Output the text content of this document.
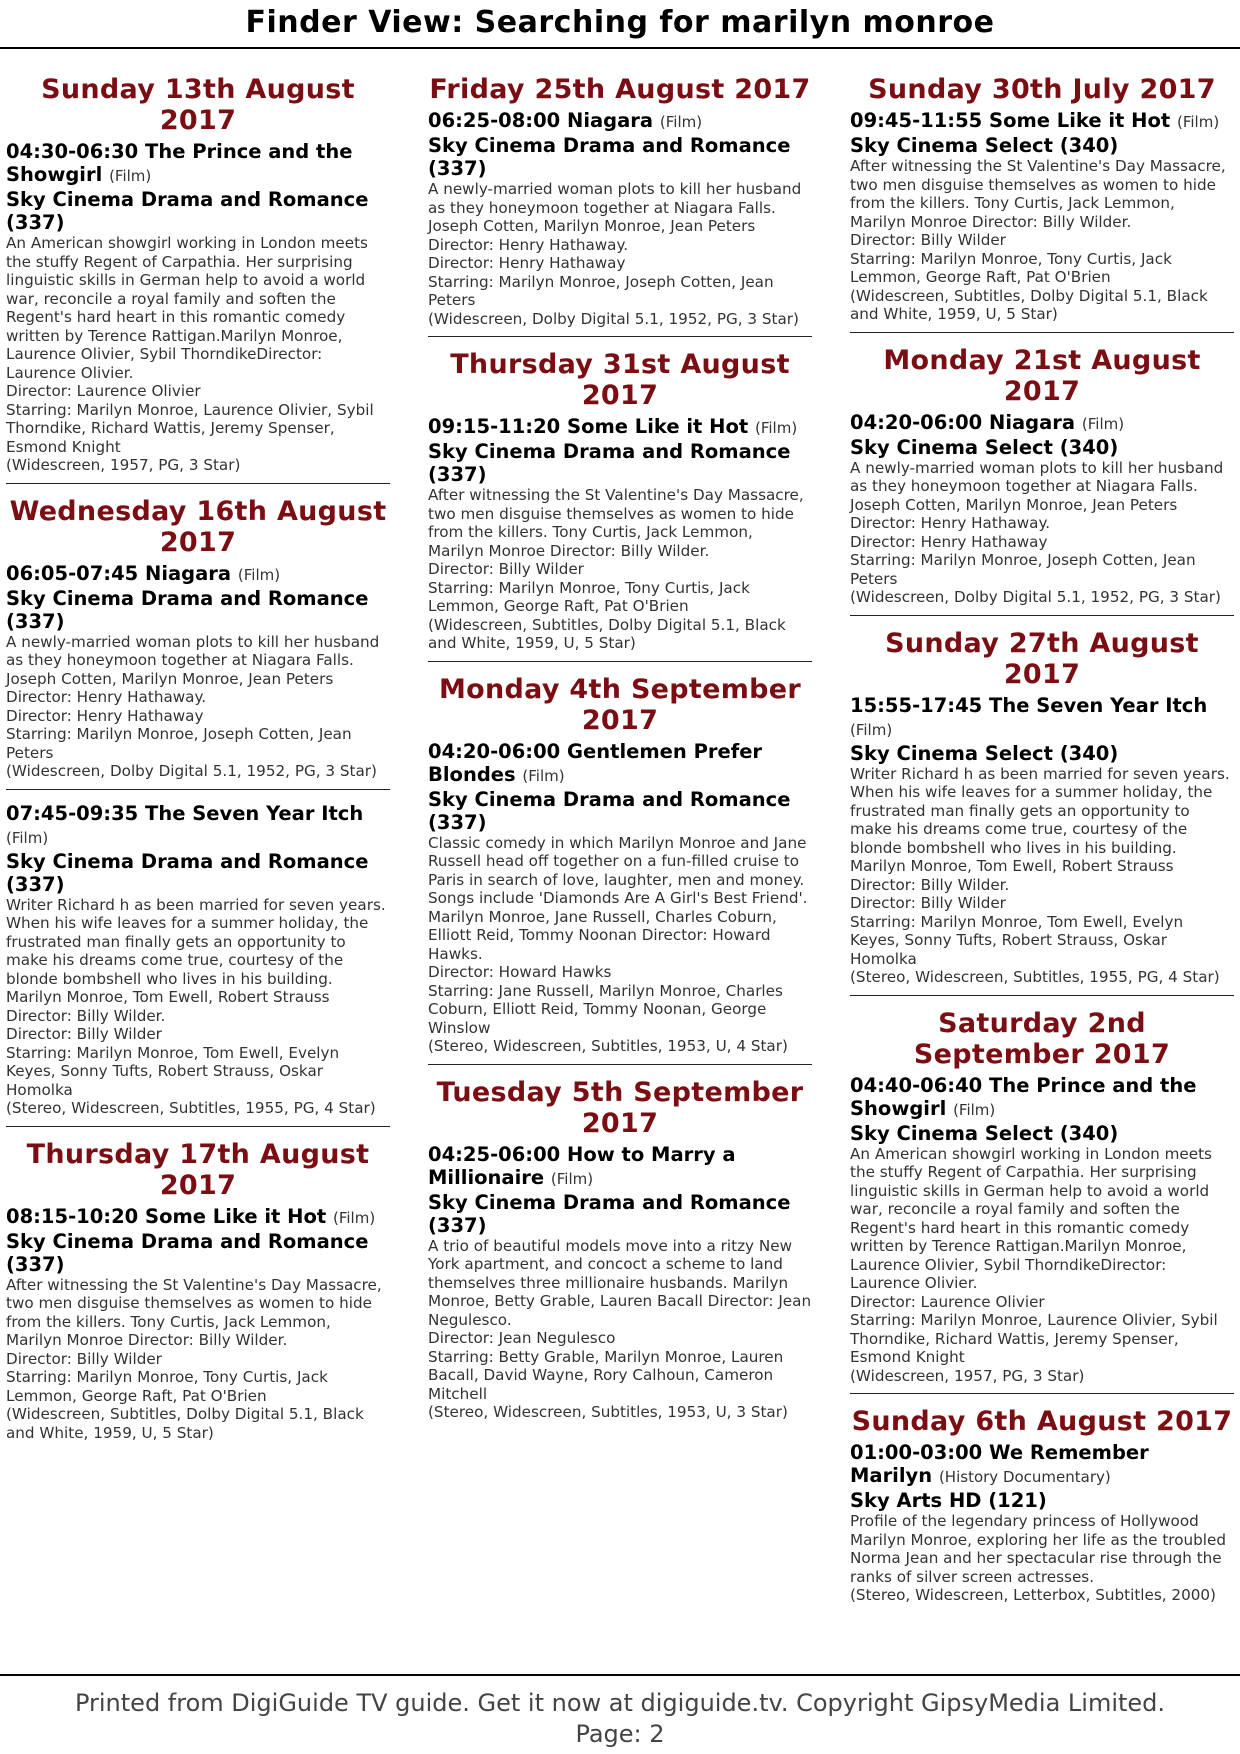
Finder View: Searching for marilyn monroe
Sunday 13th August 2017
04:30-06:30 The Prince and the Showgirl (Film)
Sky Cinema Drama and Romance (337)
An American showgirl working in London meets the stuffy Regent of Carpathia. Her surprising linguistic skills in German help to avoid a world war, reconcile a royal family and soften the Regent's hard heart in this romantic comedy written by Terence Rattigan.Marilyn Monroe, Laurence Olivier, Sybil ThorndikeDirector: Laurence Olivier.
Director: Laurence Olivier
Starring: Marilyn Monroe, Laurence Olivier, Sybil Thorndike, Richard Wattis, Jeremy Spenser, Esmond Knight
(Widescreen, 1957, PG, 3 Star)
Wednesday 16th August 2017
06:05-07:45 Niagara (Film)
Sky Cinema Drama and Romance (337)
A newly-married woman plots to kill her husband as they honeymoon together at Niagara Falls. Joseph Cotten, Marilyn Monroe, Jean Peters Director: Henry Hathaway.
Director: Henry Hathaway
Starring: Marilyn Monroe, Joseph Cotten, Jean Peters
(Widescreen, Dolby Digital 5.1, 1952, PG, 3 Star)
07:45-09:35 The Seven Year Itch (Film)
Sky Cinema Drama and Romance (337)
Writer Richard h as been married for seven years. When his wife leaves for a summer holiday, the frustrated man finally gets an opportunity to make his dreams come true, courtesy of the blonde bombshell who lives in his building. Marilyn Monroe, Tom Ewell, Robert Strauss Director: Billy Wilder.
Director: Billy Wilder
Starring: Marilyn Monroe, Tom Ewell, Evelyn Keyes, Sonny Tufts, Robert Strauss, Oskar Homolka
(Stereo, Widescreen, Subtitles, 1955, PG, 4 Star)
Thursday 17th August 2017
08:15-10:20 Some Like it Hot (Film)
Sky Cinema Drama and Romance (337)
After witnessing the St Valentine's Day Massacre, two men disguise themselves as women to hide from the killers. Tony Curtis, Jack Lemmon, Marilyn Monroe Director: Billy Wilder.
Director: Billy Wilder
Starring: Marilyn Monroe, Tony Curtis, Jack Lemmon, George Raft, Pat O'Brien
(Widescreen, Subtitles, Dolby Digital 5.1, Black and White, 1959, U, 5 Star)
Friday 25th August 2017
06:25-08:00 Niagara (Film)
Sky Cinema Drama and Romance (337)
A newly-married woman plots to kill her husband as they honeymoon together at Niagara Falls. Joseph Cotten, Marilyn Monroe, Jean Peters Director: Henry Hathaway.
Director: Henry Hathaway
Starring: Marilyn Monroe, Joseph Cotten, Jean Peters
(Widescreen, Dolby Digital 5.1, 1952, PG, 3 Star)
Thursday 31st August 2017
09:15-11:20 Some Like it Hot (Film)
Sky Cinema Drama and Romance (337)
After witnessing the St Valentine's Day Massacre, two men disguise themselves as women to hide from the killers. Tony Curtis, Jack Lemmon, Marilyn Monroe Director: Billy Wilder.
Director: Billy Wilder
Starring: Marilyn Monroe, Tony Curtis, Jack Lemmon, George Raft, Pat O'Brien
(Widescreen, Subtitles, Dolby Digital 5.1, Black and White, 1959, U, 5 Star)
Monday 4th September 2017
04:20-06:00 Gentlemen Prefer Blondes (Film)
Sky Cinema Drama and Romance (337)
Classic comedy in which Marilyn Monroe and Jane Russell head off together on a fun-filled cruise to Paris in search of love, laughter, men and money. Songs include 'Diamonds Are A Girl's Best Friend'. Marilyn Monroe, Jane Russell, Charles Coburn, Elliott Reid, Tommy Noonan Director: Howard Hawks.
Director: Howard Hawks
Starring: Jane Russell, Marilyn Monroe, Charles Coburn, Elliott Reid, Tommy Noonan, George Winslow
(Stereo, Widescreen, Subtitles, 1953, U, 4 Star)
Tuesday 5th September 2017
04:25-06:00 How to Marry a Millionaire (Film)
Sky Cinema Drama and Romance (337)
A trio of beautiful models move into a ritzy New York apartment, and concoct a scheme to land themselves three millionaire husbands. Marilyn Monroe, Betty Grable, Lauren Bacall Director: Jean Negulesco.
Director: Jean Negulesco
Starring: Betty Grable, Marilyn Monroe, Lauren Bacall, David Wayne, Rory Calhoun, Cameron Mitchell
(Stereo, Widescreen, Subtitles, 1953, U, 3 Star)
Sunday 30th July 2017
09:45-11:55 Some Like it Hot (Film)
Sky Cinema Select (340)
After witnessing the St Valentine's Day Massacre, two men disguise themselves as women to hide from the killers. Tony Curtis, Jack Lemmon, Marilyn Monroe Director: Billy Wilder.
Director: Billy Wilder
Starring: Marilyn Monroe, Tony Curtis, Jack Lemmon, George Raft, Pat O'Brien
(Widescreen, Subtitles, Dolby Digital 5.1, Black and White, 1959, U, 5 Star)
Monday 21st August 2017
04:20-06:00 Niagara (Film)
Sky Cinema Select (340)
A newly-married woman plots to kill her husband as they honeymoon together at Niagara Falls. Joseph Cotten, Marilyn Monroe, Jean Peters Director: Henry Hathaway.
Director: Henry Hathaway
Starring: Marilyn Monroe, Joseph Cotten, Jean Peters
(Widescreen, Dolby Digital 5.1, 1952, PG, 3 Star)
Sunday 27th August 2017
15:55-17:45 The Seven Year Itch (Film)
Sky Cinema Select (340)
Writer Richard h as been married for seven years. When his wife leaves for a summer holiday, the frustrated man finally gets an opportunity to make his dreams come true, courtesy of the blonde bombshell who lives in his building. Marilyn Monroe, Tom Ewell, Robert Strauss Director: Billy Wilder.
Director: Billy Wilder
Starring: Marilyn Monroe, Tom Ewell, Evelyn Keyes, Sonny Tufts, Robert Strauss, Oskar Homolka
(Stereo, Widescreen, Subtitles, 1955, PG, 4 Star)
Saturday 2nd September 2017
04:40-06:40 The Prince and the Showgirl (Film)
Sky Cinema Select (340)
An American showgirl working in London meets the stuffy Regent of Carpathia. Her surprising linguistic skills in German help to avoid a world war, reconcile a royal family and soften the Regent's hard heart in this romantic comedy written by Terence Rattigan.Marilyn Monroe, Laurence Olivier, Sybil ThorndikeDirector: Laurence Olivier.
Director: Laurence Olivier
Starring: Marilyn Monroe, Laurence Olivier, Sybil Thorndike, Richard Wattis, Jeremy Spenser, Esmond Knight
(Widescreen, 1957, PG, 3 Star)
Sunday 6th August 2017
01:00-03:00 We Remember Marilyn (History Documentary)
Sky Arts HD (121)
Profile of the legendary princess of Hollywood Marilyn Monroe, exploring her life as the troubled Norma Jean and her spectacular rise through the ranks of silver screen actresses.
(Stereo, Widescreen, Letterbox, Subtitles, 2000)
Printed from DigiGuide TV guide. Get it now at digiguide.tv. Copyright GipsyMedia Limited. Page: 2
